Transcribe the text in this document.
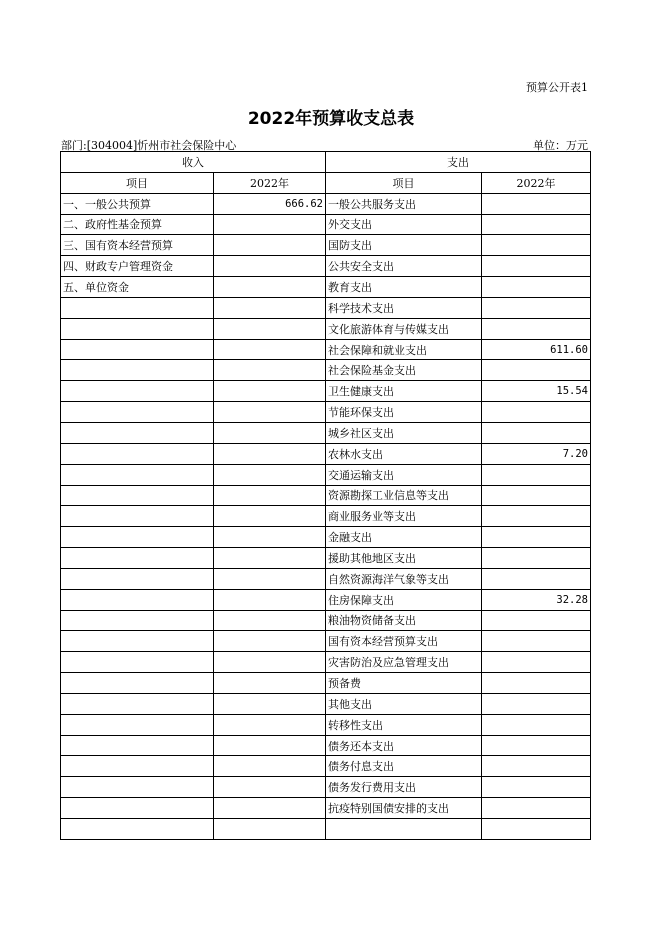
预算公开表1
2022年预算收支总表
部门:[304004]忻州市社会保险中心	单位：万元
收入		支出	
项目	2022年	项目	2022年
一、一般公共预算	666.62	一般公共服务支出	
二、政府性基金预算		外交支出	
三、国有资本经营预算		国防支出	
四、财政专户管理资金		公共安全支出	
五、单位资金		教育支出	
		科学技术支出	
		文化旅游体育与传媒支出	
		社会保障和就业支出	611.60
		社会保险基金支出	
		卫生健康支出	15.54
		节能环保支出	
		城乡社区支出	
		农林水支出	7.20
		交通运输支出	
		资源勘探工业信息等支出	
		商业服务业等支出	
		金融支出	
		援助其他地区支出	
		自然资源海洋气象等支出	
		住房保障支出	32.28
		粮油物资储备支出	
		国有资本经营预算支出	
		灾害防治及应急管理支出	
		预备费	
		其他支出	
		转移性支出	
		债务还本支出	
		债务付息支出	
		债务发行费用支出	
		抗疫特别国债安排的支出	
